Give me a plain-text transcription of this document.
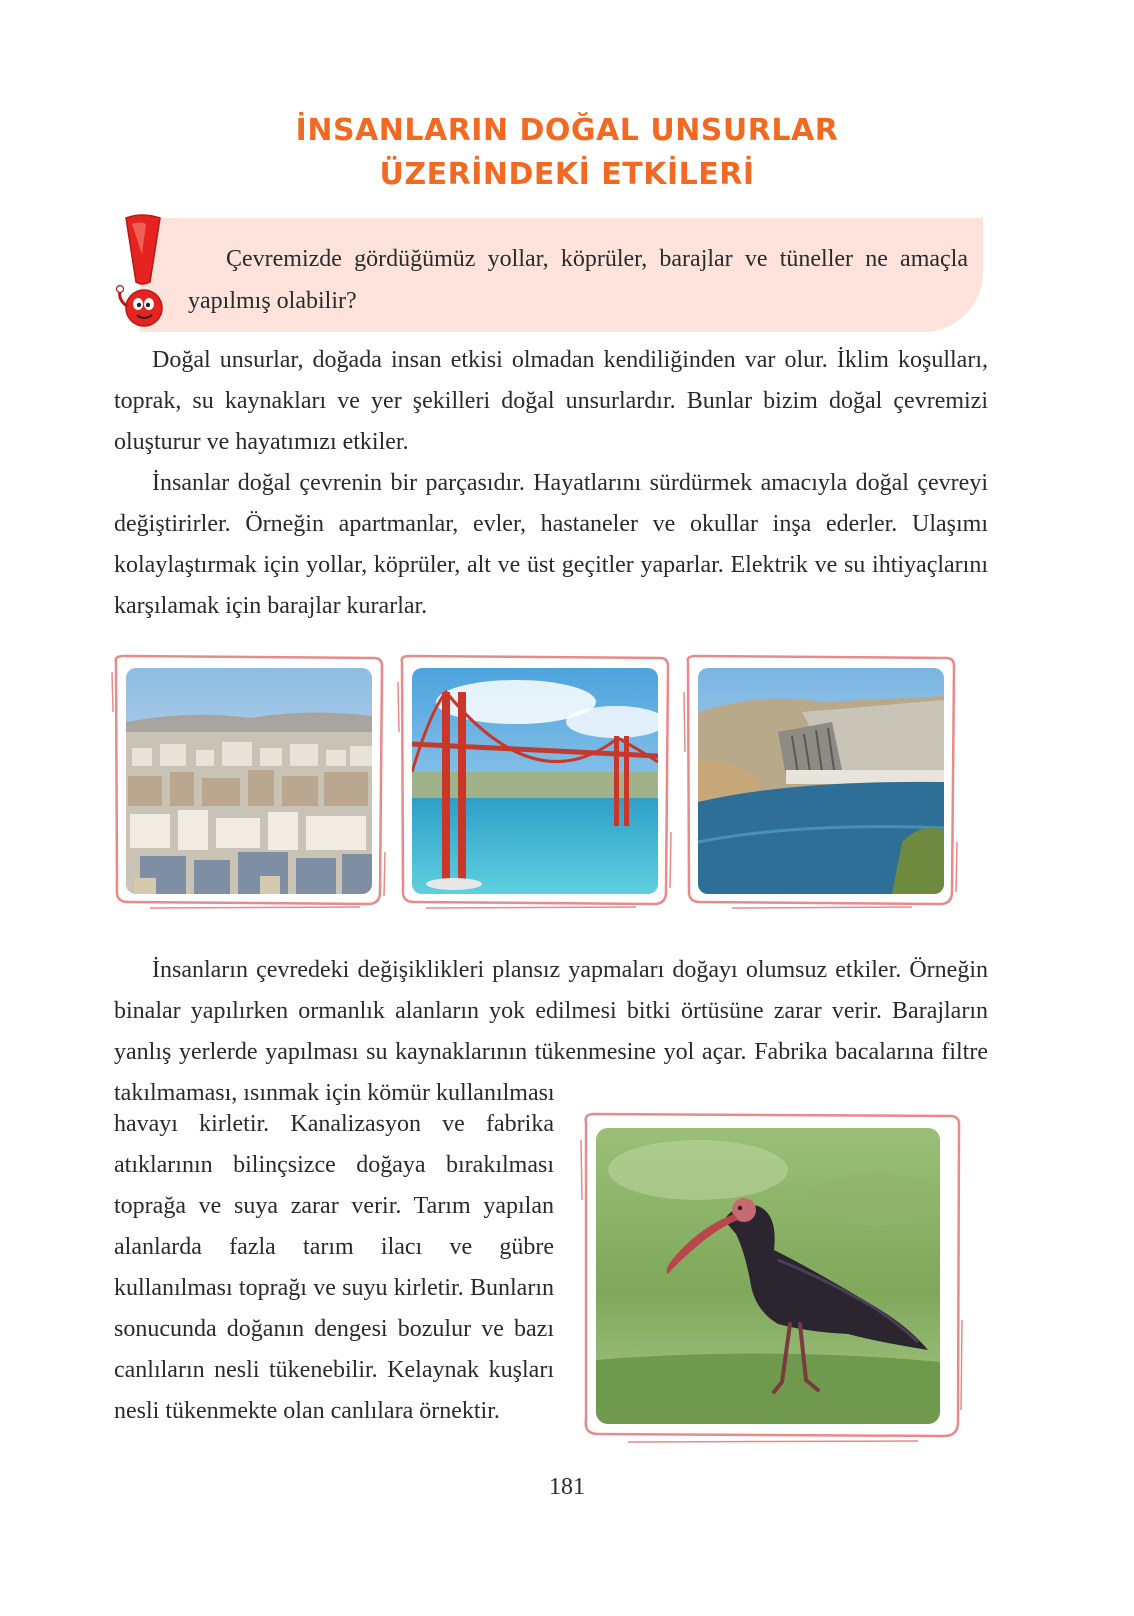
İNSANLARIN DOĞAL UNSURLAR
ÜZERİNDEKİ ETKİLERİ
Çevremizde gördüğümüz yollar, köprüler, barajlar ve tüneller ne amaçla yapılmış olabilir?

Doğal unsurlar, doğada insan etkisi olmadan kendiliğinden var olur. İklim koşulları, toprak, su kaynakları ve yer şekilleri doğal unsurlardır. Bunlar bizim doğal çevremizi oluşturur ve hayatımızı etkiler.

İnsanlar doğal çevrenin bir parçasıdır. Hayatlarını sürdürmek amacıyla doğal çevreyi değiştirirler. Örneğin apartmanlar, evler, hastaneler ve okullar inşa ederler. Ulaşımı kolaylaştırmak için yollar, köprüler, alt ve üst geçitler yaparlar. Elektrik ve su ihtiyaçlarını karşılamak için barajlar kurarlar.

İnsanların çevredeki değişiklikleri plansız yapmaları doğayı olumsuz etkiler. Örneğin binalar yapılırken ormanlık alanların yok edilmesi bitki örtüsüne zarar verir. Barajların yanlış yerlerde yapılması su kaynaklarının tükenmesine yol açar. Fabrika bacalarına filtre takılmaması, ısınmak için kömür kullanılması

havayı kirletir. Kanalizasyon ve fabrika atıklarının bilinçsizce doğaya bırakılması toprağa ve suya zarar verir. Tarım yapılan alanlarda fazla tarım ilacı ve gübre kullanılması toprağı ve suyu kirletir. Bunların sonucunda doğanın dengesi bozulur ve bazı canlıların nesli tükenebilir. Kelaynak kuşları nesli tükenmekte olan canlılara örnektir.

181
